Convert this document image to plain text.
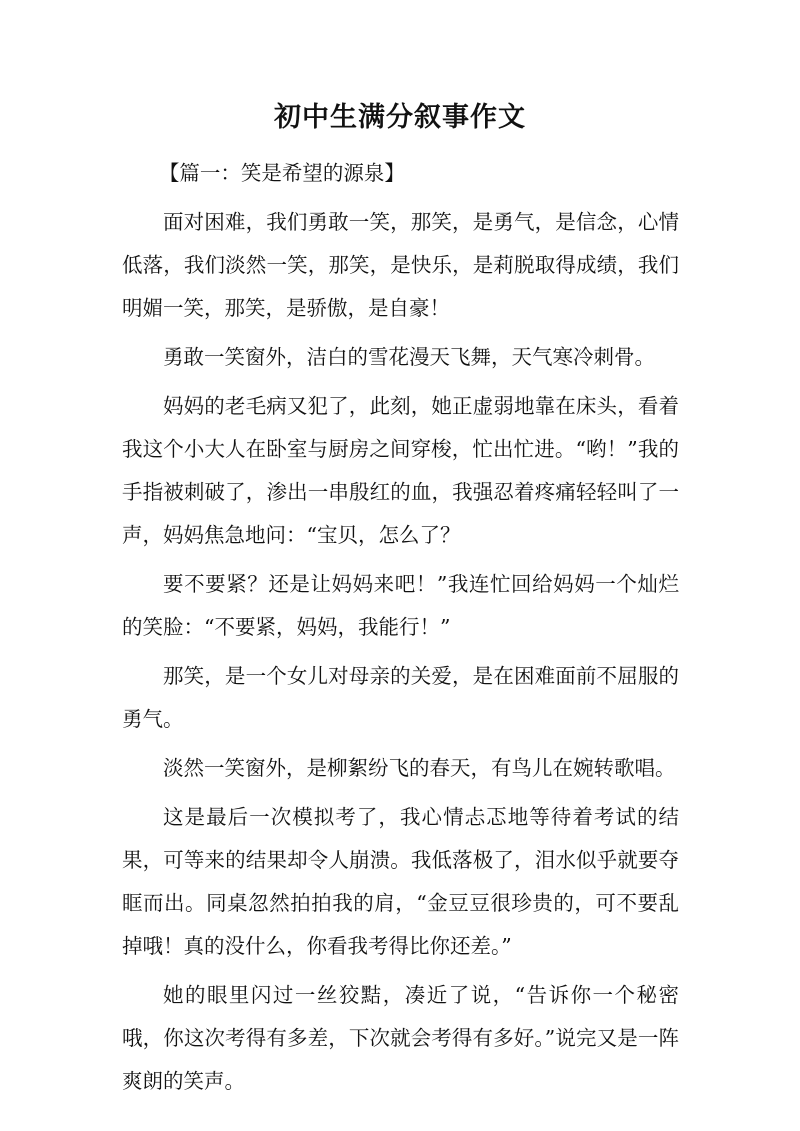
初中生满分叙事作文

【篇一：笑是希望的源泉】

面对困难，我们勇敢一笑，那笑，是勇气，是信念，心情低落，我们淡然一笑，那笑，是快乐，是莉脱取得成绩，我们明媚一笑，那笑，是骄傲，是自豪！

勇敢一笑窗外，洁白的雪花漫天飞舞，天气寒冷刺骨。

妈妈的老毛病又犯了，此刻，她正虚弱地靠在床头，看着我这个小大人在卧室与厨房之间穿梭，忙出忙进。“哟！”我的手指被刺破了，渗出一串殷红的血，我强忍着疼痛轻轻叫了一声，妈妈焦急地问：“宝贝，怎么了？

要不要紧？还是让妈妈来吧！”我连忙回给妈妈一个灿烂的笑脸：“不要紧，妈妈，我能行！”

那笑，是一个女儿对母亲的关爱，是在困难面前不屈服的勇气。

淡然一笑窗外，是柳絮纷飞的春天，有鸟儿在婉转歌唱。

这是最后一次模拟考了，我心情忐忑地等待着考试的结果，可等来的结果却令人崩溃。我低落极了，泪水似乎就要夺眶而出。同桌忽然拍拍我的肩，“金豆豆很珍贵的，可不要乱掉哦！真的没什么，你看我考得比你还差。”

她的眼里闪过一丝狡黠，凑近了说，“告诉你一个秘密哦，你这次考得有多差，下次就会考得有多好。”说完又是一阵爽朗的笑声。
